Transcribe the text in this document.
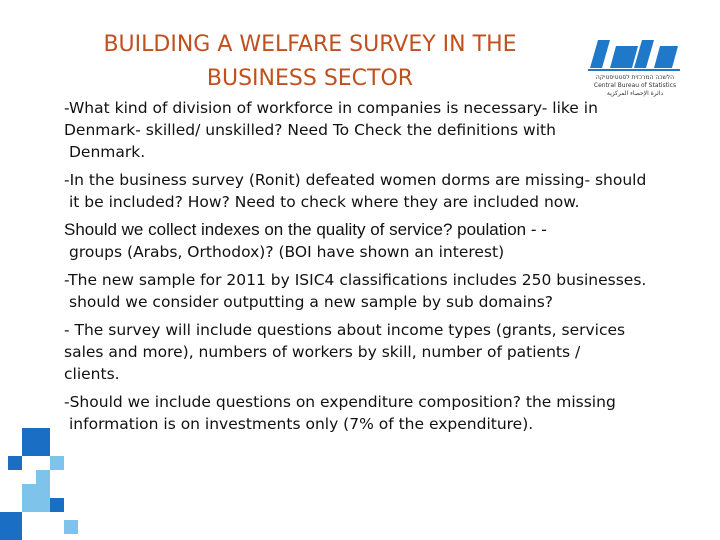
BUILDING A WELFARE SURVEY IN THE
BUSINESS SECTOR	הלשכה המרכזית לסטטיסטיקה
Central Bureau of Statistics
دائرة الإحصاء المركزية
-What kind of division of workforce in companies is necessary- like in
Denmark- skilled/ unskilled? Need To Check the definitions with
Denmark.
-In the business survey (Ronit) defeated women dorms are missing- should
it be included? How? Need to check where they are included now.
Should we collect indexes on the quality of service? poulation - -
groups (Arabs, Orthodox)? (BOI have shown an interest)
-The new sample for 2011 by ISIC4 classifications includes 250 businesses.
should we consider outputting a new sample by sub domains?
- The survey will include questions about income types (grants, services
sales and more), numbers of workers by skill, number of patients /
clients.
-Should we include questions on expenditure composition? the missing
information is on investments only (7% of the expenditure).
